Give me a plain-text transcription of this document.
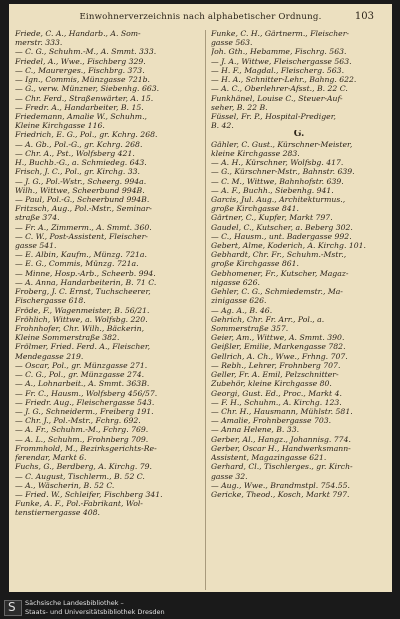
Einwohnerverzeichnis nach alphabetischer Ordnung.	103
Friede, C. A., Handarb., A. Som-
merstr. 333.
— C. G., Schuhm.-M., A. Smmt. 333.
Friedel, A., Wwe., Fischberg 329.
— C., Maurerges., Fischbrg. 373.
— Ign., Commis, Münzgasse 721b.
— G., verw. Münzner, Siebenhg. 663.
— Chr. Ferd., Straßenwärter, A. 15.
— Fredr. A., Handarbeiter, B. 15.
Friedemann, Amalie W., Schuhm.,
Kleine Kirchgasse 116.
Friedrich, E. G., Pol., gr. Kchrg. 268.
— A. Gb., Pol.-G., gr. Kchrg. 268.
— Chr. A., Pst., Wolfsberg 421.
H., Buchb.-G., a. Schmiedeg. 643.
Frisch, J. C., Pol., gr. Kirchg. 33.
— J. G., Pol.-Wstr., Scheerg. 994a.
Wilh., Wittwe, Scheerbund 994B.
— Paul, Pol.-G., Scheerbund 994B.
Fritzsch, Aug., Pol.-Mstr., Seminar-
straße 374.
— Fr. A., Zimmerm., A. Smmt. 360.
— C. W., Post-Assistent, Fleischer-
gasse 541.
— E. Albin, Kaufm., Münzg. 721a.
— E. G., Commis, Münzg. 721a.
— Minne, Hosp.-Arb., Scheerb. 994.
— A. Anna, Handarbeiterin, B. 71 C.
Froberg, J. C. Ernst, Tuchscheerer,
Fischergasse 618.
Fröde, F., Wagenmeister, B. 56/21.
Fröhlich, Wittwe, a. Wolfsbg. 220.
Frohnhofer, Chr. Wilh., Bäckerin,
Kleine Sommerstraße 382.
Frölmer, Fried. Ferd. A., Fleischer,
Mendegasse 219.
— Oscar, Pol., gr. Münzgasse 271.
— C. G., Pol., gr. Münzgasse 274.
— A., Lohnarbeit., A. Smmt. 363B.
— Fr. C., Hausm., Wolfsberg 456/57.
— Friedr. Aug., Fleischergasse 543.
— J. G., Schneiderm., Freiberg 191.
— Chr. J., Pol.-Mstr., Fchrg. 692.
— A. Fr., Schuhm.-M., Fchrg. 769.
— A. L., Schuhm., Frohnberg 709.
Frommhold, M., Bezirksgerichts-Re-
ferendar, Markt 6.
Fuchs, G., Berdberg, A. Kirchg. 79.
— C. August, Tischlerm., B. 52 C.
— A., Wäscherin, B. 52 C.
— Fried. W., Schleifer, Fischberg 341.
Funke, A. F., Pol.-Fabrikant, Wol-
tenstiernergasse 408.
Funke, C. H., Gärtnerm., Fleischer-
gasse 563.
Joh. Gth., Hebamme, Fischrg. 563.
— J. A., Wittwe, Fleischergasse 563.
— H. F., Magdal., Fleischerg. 563.
— H. A., Schnitter-Lehr., Bahng. 622.
— A. C., Oberlehrer-Afsst., B. 22 C.
Funkhänel, Louise C., Steuer-Auf-
seher, B. 22 B.
Füssel, Fr. P., Hospital-Prediger,
B. 42.
G.
Gähler, C. Gust., Kürschner-Meister,
kleine Kirchgasse 283.
— A. H., Kürschner, Wolfsbg. 417.
— G., Kürschner-Mstr., Bahnstr. 639.
— C. M., Wittwe, Bahnhofstr. 639.
— A. F., Buchh., Siebenhg. 941.
Garcis, Jul. Aug., Architekturmus.,
große Kirchgasse 841.
Gärtner, C., Kupfer, Markt 797.
Gaudel, C., Kutscher, a. Beberg 302.
— C., Hausm., unt. Badergasse 992.
Gebert, Alme, Koderich, A. Kirchg. 101.
Gebhardt, Chr. Fr., Schuhm.-Mstr.,
große Kirchgasse 861.
Gebhomener, Fr., Kutscher, Magaz-
nigasse 626.
Gehler, C. G., Schmiedemstr., Ma-
zinigasse 626.
— Ag. A., B. 46.
Gehrich, Chr. Fr. Arr., Pol., a.
Sommerstraße 357.
Geier, Am., Wittwe, A. Smmt. 390.
Geißler, Emilie, Markengasse 782.
Gellrich, A. Ch., Wwe., Frhng. 707.
— Rebh., Lehrer, Frohnberg 707.
Geller, Fr. A. Emil, Pelzschnitter-
Zubehör, kleine Kirchgasse 80.
Georgi, Gust. Ed., Proc., Markt 4.
— F. H., Schuhm., A. Kirchg. 123.
— Chr. H., Hausmann, Mühlstr. 581.
— Amalie, Frohnbergasse 703.
— Anna Helene, B. 33.
Gerber, Al., Hangz., Johannisg. 774.
Gerber, Oscar H., Handwerksmann-
Assistent, Magazingasse 621.
Gerhard, Cl., Tischlerges., gr. Kirch-
gasse 32.
— Aug., Wwe., Brandmstpl. 754.55.
Gericke, Theod., Kosch, Markt 797.
S Sächsische Landesbibliothek –
Staats- und Universitätsbibliothek Dresden
